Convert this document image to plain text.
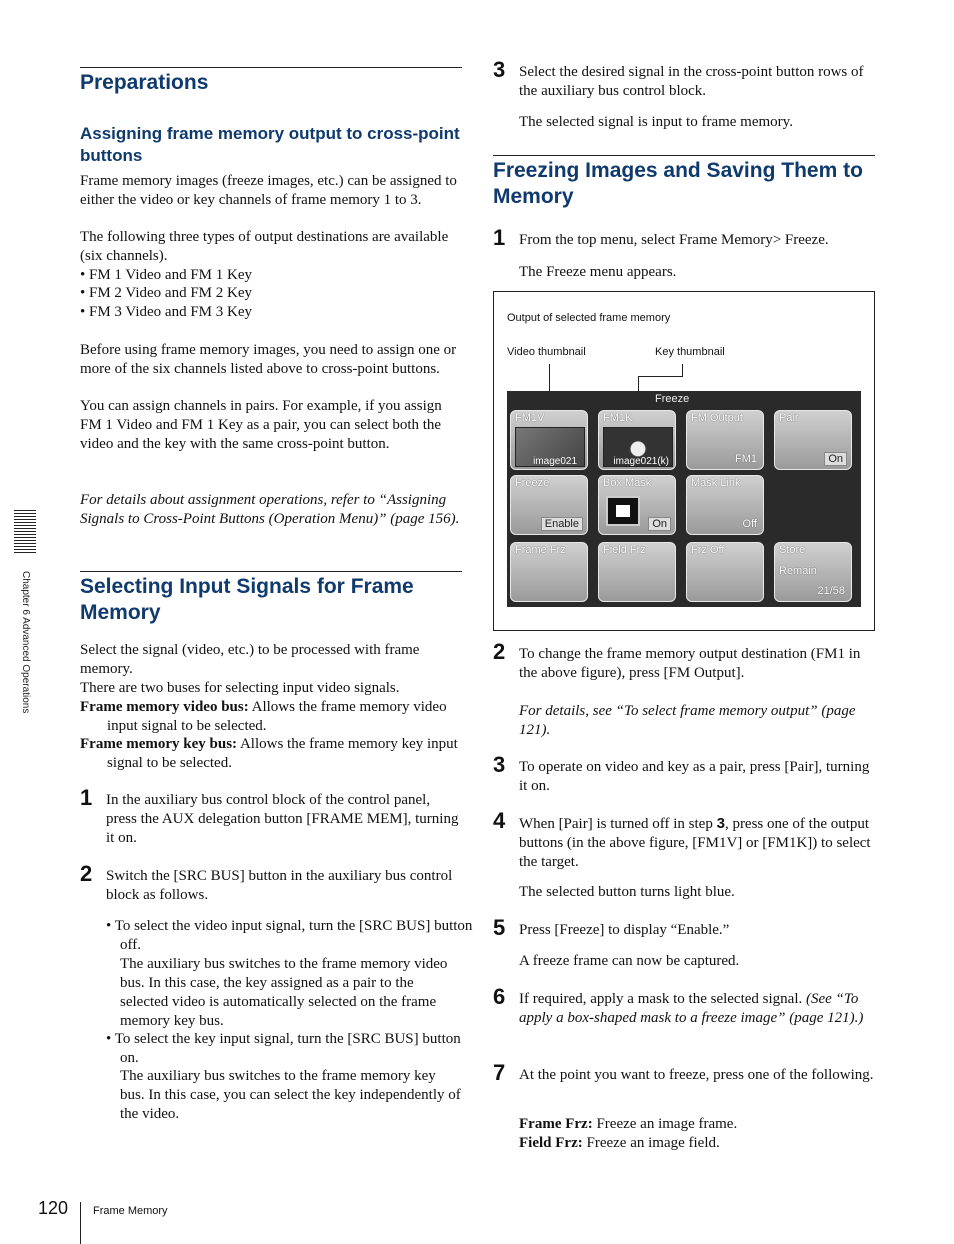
Chapter 6 Advanced Operations
Preparations
Assigning frame memory output to cross-point buttons

Frame memory images (freeze images, etc.) can be assigned to either the video or key channels of frame memory 1 to 3.

The following three types of output destinations are available (six channels).

• FM 1 Video and FM 1 Key

• FM 2 Video and FM 2 Key

• FM 3 Video and FM 3 Key

Before using frame memory images, you need to assign one or more of the six channels listed above to cross-point buttons.

You can assign channels in pairs. For example, if you assign FM 1 Video and FM 1 Key as a pair, you can select both the video and the key with the same cross-point button.

For details about assignment operations, refer to “Assigning Signals to Cross-Point Buttons (Operation Menu)” (page 156).

Selecting Input Signals for Frame Memory

Select the signal (video, etc.) to be processed with frame memory.

There are two buses for selecting input video signals.

Frame memory video bus: Allows the frame memory video input signal to be selected.

Frame memory key bus: Allows the frame memory key input signal to be selected.

1 In the auxiliary bus control block of the control panel, press the AUX delegation button [FRAME MEM], turning it on.

2 Switch the [SRC BUS] button in the auxiliary bus control block as follows.

• To select the video input signal, turn the [SRC BUS] button off.

The auxiliary bus switches to the frame memory video bus. In this case, the key assigned as a pair to the selected video is automatically selected on the frame memory key bus.

• To select the key input signal, turn the [SRC BUS] button on.

The auxiliary bus switches to the frame memory key bus. In this case, you can select the key independently of the video.

3 Select the desired signal in the cross-point button rows of the auxiliary bus control block.

The selected signal is input to frame memory.

Freezing Images and Saving Them to Memory
1 From the top menu, select Frame Memory> Freeze.

The Freeze menu appears.

Output of selected frame memory
Video thumbnail	Key thumbnail
Freeze
FM1V
image021
FM1K
image021(k)
FM Output
FM1
Pair
On
Freeze
Enable
Box Mask
On
Mask Link
Off
Frame Frz	Field Frz	Frz Off	Store
Remain
21/58
2 To change the frame memory output destination (FM1 in the above figure), press [FM Output].

For details, see “To select frame memory output” (page 121).

3 To operate on video and key as a pair, press [Pair], turning it on.

4 When [Pair] is turned off in step 3, press one of the output buttons (in the above figure, [FM1V] or [FM1K]) to select the target.

The selected button turns light blue.

5 Press [Freeze] to display “Enable.”

A freeze frame can now be captured.

6 If required, apply a mask to the selected signal. (See “To apply a box-shaped mask to a freeze image” (page 121).)

7 At the point you want to freeze, press one of the following.

Frame Frz: Freeze an image frame.

Field Frz: Freeze an image field.

120 Frame Memory
